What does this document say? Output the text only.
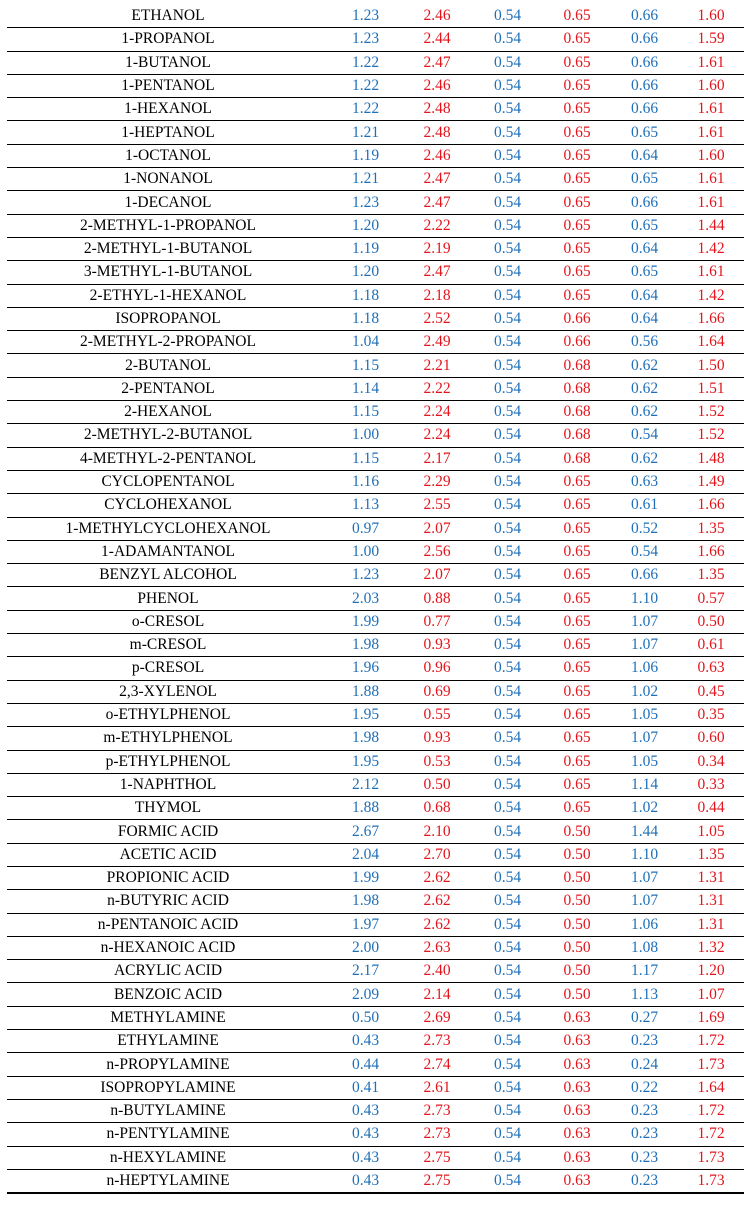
ETHANOL	1.23	2.46	0.54	0.65	0.66	1.60
1-PROPANOL	1.23	2.44	0.54	0.65	0.66	1.59
1-BUTANOL	1.22	2.47	0.54	0.65	0.66	1.61
1-PENTANOL	1.22	2.46	0.54	0.65	0.66	1.60
1-HEXANOL	1.22	2.48	0.54	0.65	0.66	1.61
1-HEPTANOL	1.21	2.48	0.54	0.65	0.65	1.61
1-OCTANOL	1.19	2.46	0.54	0.65	0.64	1.60
1-NONANOL	1.21	2.47	0.54	0.65	0.65	1.61
1-DECANOL	1.23	2.47	0.54	0.65	0.66	1.61
2-METHYL-1-PROPANOL	1.20	2.22	0.54	0.65	0.65	1.44
2-METHYL-1-BUTANOL	1.19	2.19	0.54	0.65	0.64	1.42
3-METHYL-1-BUTANOL	1.20	2.47	0.54	0.65	0.65	1.61
2-ETHYL-1-HEXANOL	1.18	2.18	0.54	0.65	0.64	1.42
ISOPROPANOL	1.18	2.52	0.54	0.66	0.64	1.66
2-METHYL-2-PROPANOL	1.04	2.49	0.54	0.66	0.56	1.64
2-BUTANOL	1.15	2.21	0.54	0.68	0.62	1.50
2-PENTANOL	1.14	2.22	0.54	0.68	0.62	1.51
2-HEXANOL	1.15	2.24	0.54	0.68	0.62	1.52
2-METHYL-2-BUTANOL	1.00	2.24	0.54	0.68	0.54	1.52
4-METHYL-2-PENTANOL	1.15	2.17	0.54	0.68	0.62	1.48
CYCLOPENTANOL	1.16	2.29	0.54	0.65	0.63	1.49
CYCLOHEXANOL	1.13	2.55	0.54	0.65	0.61	1.66
1-METHYLCYCLOHEXANOL	0.97	2.07	0.54	0.65	0.52	1.35
1-ADAMANTANOL	1.00	2.56	0.54	0.65	0.54	1.66
BENZYL ALCOHOL	1.23	2.07	0.54	0.65	0.66	1.35
PHENOL	2.03	0.88	0.54	0.65	1.10	0.57
o-CRESOL	1.99	0.77	0.54	0.65	1.07	0.50
m-CRESOL	1.98	0.93	0.54	0.65	1.07	0.61
p-CRESOL	1.96	0.96	0.54	0.65	1.06	0.63
2,3-XYLENOL	1.88	0.69	0.54	0.65	1.02	0.45
o-ETHYLPHENOL	1.95	0.55	0.54	0.65	1.05	0.35
m-ETHYLPHENOL	1.98	0.93	0.54	0.65	1.07	0.60
p-ETHYLPHENOL	1.95	0.53	0.54	0.65	1.05	0.34
1-NAPHTHOL	2.12	0.50	0.54	0.65	1.14	0.33
THYMOL	1.88	0.68	0.54	0.65	1.02	0.44
FORMIC ACID	2.67	2.10	0.54	0.50	1.44	1.05
ACETIC ACID	2.04	2.70	0.54	0.50	1.10	1.35
PROPIONIC ACID	1.99	2.62	0.54	0.50	1.07	1.31
n-BUTYRIC ACID	1.98	2.62	0.54	0.50	1.07	1.31
n-PENTANOIC ACID	1.97	2.62	0.54	0.50	1.06	1.31
n-HEXANOIC ACID	2.00	2.63	0.54	0.50	1.08	1.32
ACRYLIC ACID	2.17	2.40	0.54	0.50	1.17	1.20
BENZOIC ACID	2.09	2.14	0.54	0.50	1.13	1.07
METHYLAMINE	0.50	2.69	0.54	0.63	0.27	1.69
ETHYLAMINE	0.43	2.73	0.54	0.63	0.23	1.72
n-PROPYLAMINE	0.44	2.74	0.54	0.63	0.24	1.73
ISOPROPYLAMINE	0.41	2.61	0.54	0.63	0.22	1.64
n-BUTYLAMINE	0.43	2.73	0.54	0.63	0.23	1.72
n-PENTYLAMINE	0.43	2.73	0.54	0.63	0.23	1.72
n-HEXYLAMINE	0.43	2.75	0.54	0.63	0.23	1.73
n-HEPTYLAMINE	0.43	2.75	0.54	0.63	0.23	1.73
